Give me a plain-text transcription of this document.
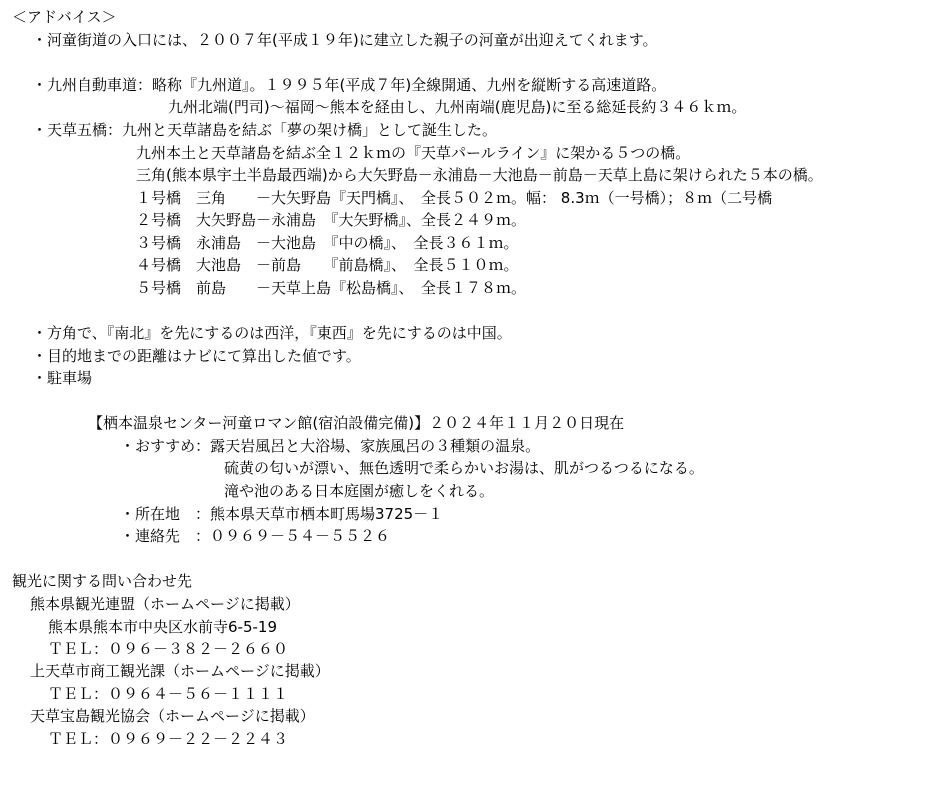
＜アドバイス＞
・河童街道の入口には、２００７年(平成１９年)に建立した親子の河童が出迎えてくれます。
・九州自動車道：略称『九州道』。１９９５年(平成７年)全線開通、九州を縦断する高速道路。
九州北端(門司)～福岡～熊本を経由し、九州南端(鹿児島)に至る総延長約３４６ｋｍ。
・天草五橋：九州と天草諸島を結ぶ「夢の架け橋」として誕生した。
九州本土と天草諸島を結ぶ全１２ｋｍの『天草パールライン』に架かる５つの橋。
三角(熊本県宇土半島最西端)から大矢野島－永浦島－大池島－前島－天草上島に架けられた５本の橋。
１号橋　三角　　－大矢野島『天門橋』、　全長５０２ｍ。幅： 8.3ｍ（一号橋）；８ｍ（二号橋
２号橋　大矢野島－永浦島　『大矢野橋』、全長２４９ｍ。
３号橋　永浦島　－大池島　『中の橋』、　全長３６１ｍ。
４号橋　大池島　－前島　　『前島橋』、　全長５１０ｍ。
５号橋　前島　　－天草上島『松島橋』、　全長１７８ｍ。
・方角で、『南北』を先にするのは西洋，『東西』を先にするのは中国。
・目的地までの距離はナビにて算出した値です。
・駐車場
【栖本温泉センター河童ロマン館(宿泊設備完備)】２０２４年１１月２０日現在
・おすすめ：露天岩風呂と大浴場、家族風呂の３種類の温泉。
硫黄の匂いが漂い、無色透明で柔らかいお湯は、肌がつるつるになる。
滝や池のある日本庭園が癒しをくれる。
・所在地　：熊本県天草市栖本町馬場3725－１
・連絡先　：０９６９－５４－５５２６
観光に関する問い合わせ先
熊本県観光連盟（ホームページに掲載）
熊本県熊本市中央区水前寺6-5-19
ＴＥＬ：０９６－３８２－２６６０
上天草市商工観光課（ホームページに掲載）
ＴＥＬ：０９６４－５６－１１１１
天草宝島観光協会（ホームページに掲載）
ＴＥＬ：０９６９－２２－２２４３
